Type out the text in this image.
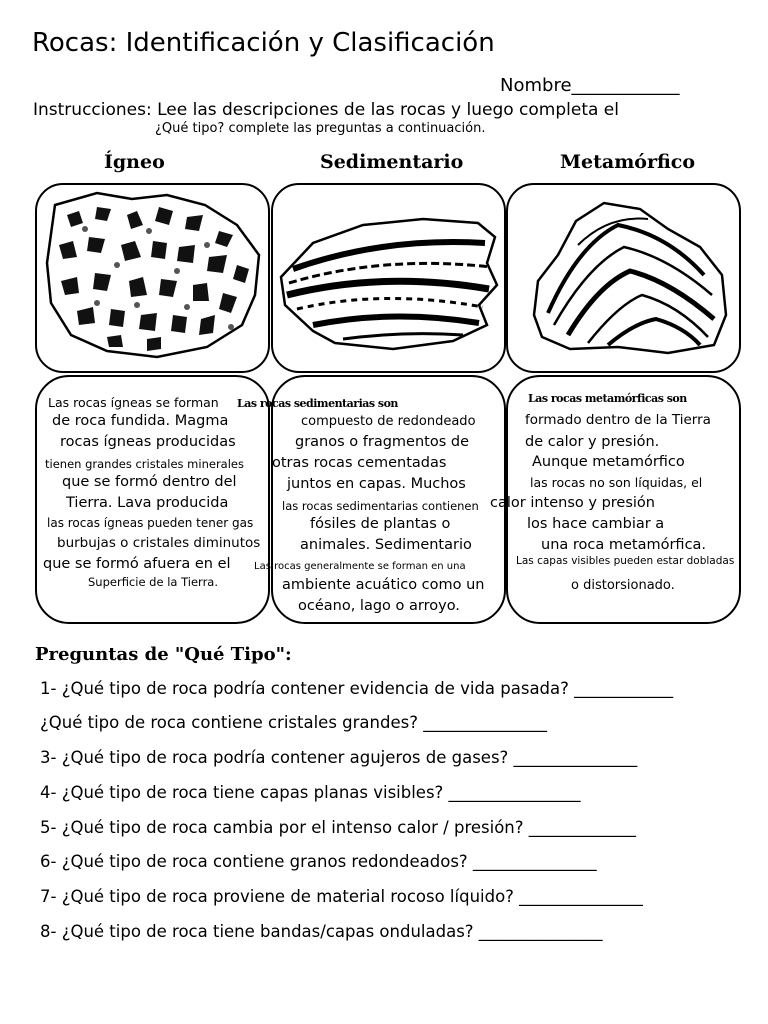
Rocas: Identificación y Clasificación
Nombre____________
Instrucciones: Lee las descripciones de las rocas y luego completa el
¿Qué tipo? complete las preguntas a continuación.
Ígneo	Sedimentario	Metamórfico
Las rocas ígneas se forman
de roca fundida. Magma
rocas ígneas producidas
tienen grandes cristales minerales
que se formó dentro del
Tierra. Lava producida
las rocas ígneas pueden tener gas
burbujas o cristales diminutos
que se formó afuera en el
Superficie de la Tierra.
Las rocas sedimentarias son
compuesto de redondeado
granos o fragmentos de
otras rocas cementadas
juntos en capas. Muchos
las rocas sedimentarias contienen
fósiles de plantas o
animales. Sedimentario
Las rocas generalmente se forman en una
ambiente acuático como un
océano, lago o arroyo.
Las rocas metamórficas son
formado dentro de la Tierra
de calor y presión.
Aunque metamórfico
las rocas no son líquidas, el
calor intenso y presión
los hace cambiar a
una roca metamórfica.
Las capas visibles pueden estar dobladas
o distorsionado.
Preguntas de "Qué Tipo":
1- ¿Qué tipo de roca podría contener evidencia de vida pasada? ____________
¿Qué tipo de roca contiene cristales grandes? _______________
3- ¿Qué tipo de roca podría contener agujeros de gases? _______________
4- ¿Qué tipo de roca tiene capas planas visibles? ________________
5- ¿Qué tipo de roca cambia por el intenso calor / presión? _____________
6- ¿Qué tipo de roca contiene granos redondeados? _______________
7- ¿Qué tipo de roca proviene de material rocoso líquido? _______________
8- ¿Qué tipo de roca tiene bandas/capas onduladas? _______________
